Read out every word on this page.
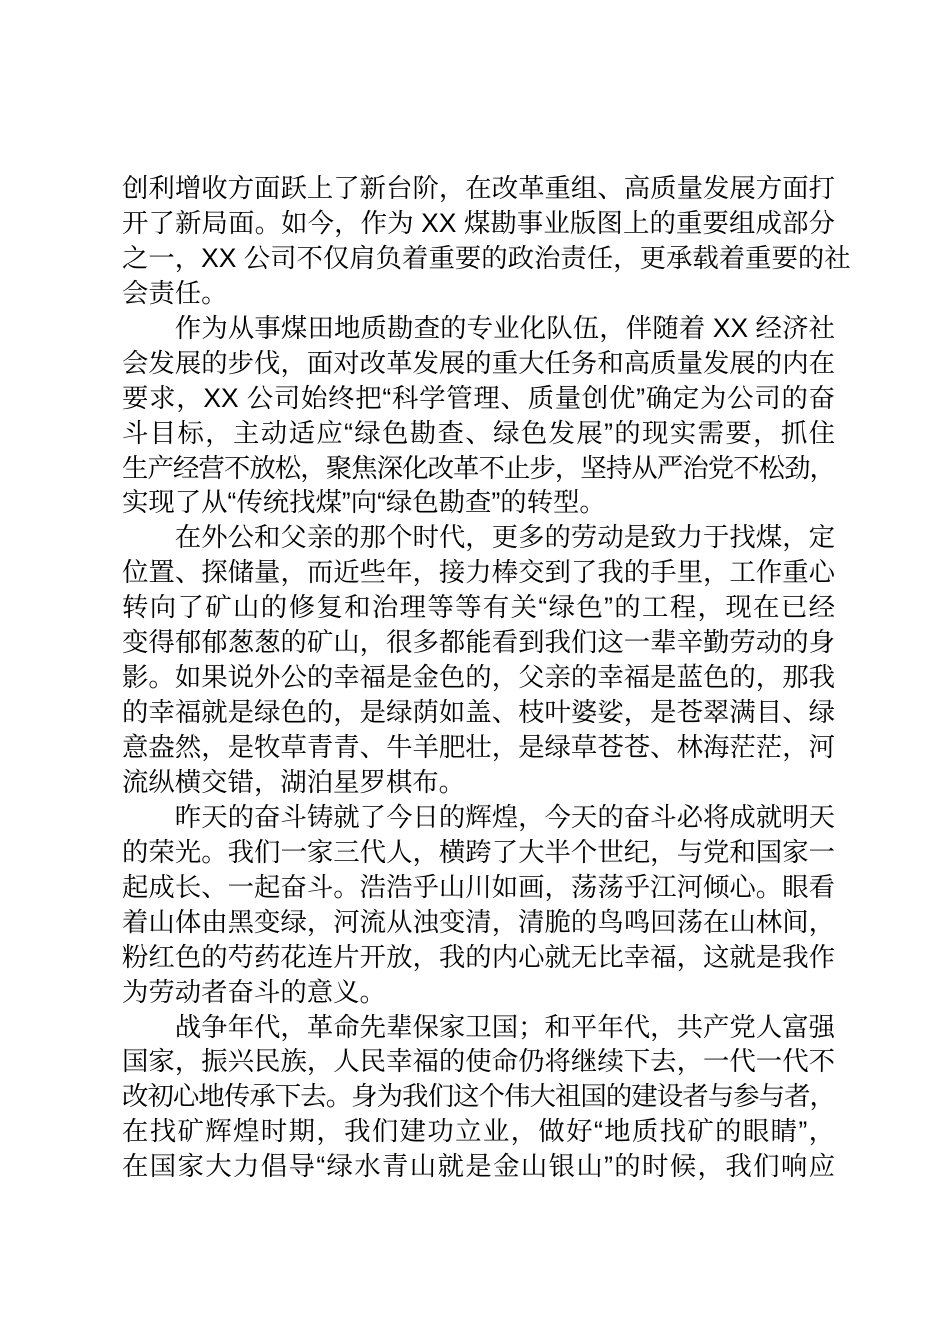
创利增收方面跃上了新台阶，在改革重组、高质量发展方面打
开了新局面。如今，作为 XX 煤勘事业版图上的重要组成部分
之一，XX 公司不仅肩负着重要的政治责任，更承载着重要的社
会责任。
作为从事煤田地质勘查的专业化队伍，伴随着 XX 经济社
会发展的步伐，面对改革发展的重大任务和高质量发展的内在
要求，XX 公司始终把“科学管理、质量创优”确定为公司的奋
斗目标，主动适应“绿色勘查、绿色发展”的现实需要，抓住
生产经营不放松，聚焦深化改革不止步，坚持从严治党不松劲，
实现了从“传统找煤”向“绿色勘查”的转型。
在外公和父亲的那个时代，更多的劳动是致力于找煤，定
位置、探储量，而近些年，接力棒交到了我的手里，工作重心
转向了矿山的修复和治理等等有关“绿色”的工程，现在已经
变得郁郁葱葱的矿山，很多都能看到我们这一辈辛勤劳动的身
影。如果说外公的幸福是金色的，父亲的幸福是蓝色的，那我
的幸福就是绿色的，是绿荫如盖、枝叶婆娑，是苍翠满目、绿
意盎然，是牧草青青、牛羊肥壮，是绿草苍苍、林海茫茫，河
流纵横交错，湖泊星罗棋布。
昨天的奋斗铸就了今日的辉煌，今天的奋斗必将成就明天
的荣光。我们一家三代人，横跨了大半个世纪，与党和国家一
起成长、一起奋斗。浩浩乎山川如画，荡荡乎江河倾心。眼看
着山体由黑变绿，河流从浊变清，清脆的鸟鸣回荡在山林间，
粉红色的芍药花连片开放，我的内心就无比幸福，这就是我作
为劳动者奋斗的意义。
战争年代，革命先辈保家卫国；和平年代，共产党人富强
国家，振兴民族，人民幸福的使命仍将继续下去，一代一代不
改初心地传承下去。身为我们这个伟大祖国的建设者与参与者，
在找矿辉煌时期，我们建功立业，做好“地质找矿的眼睛”，
在国家大力倡导“绿水青山就是金山银山”的时候，我们响应
